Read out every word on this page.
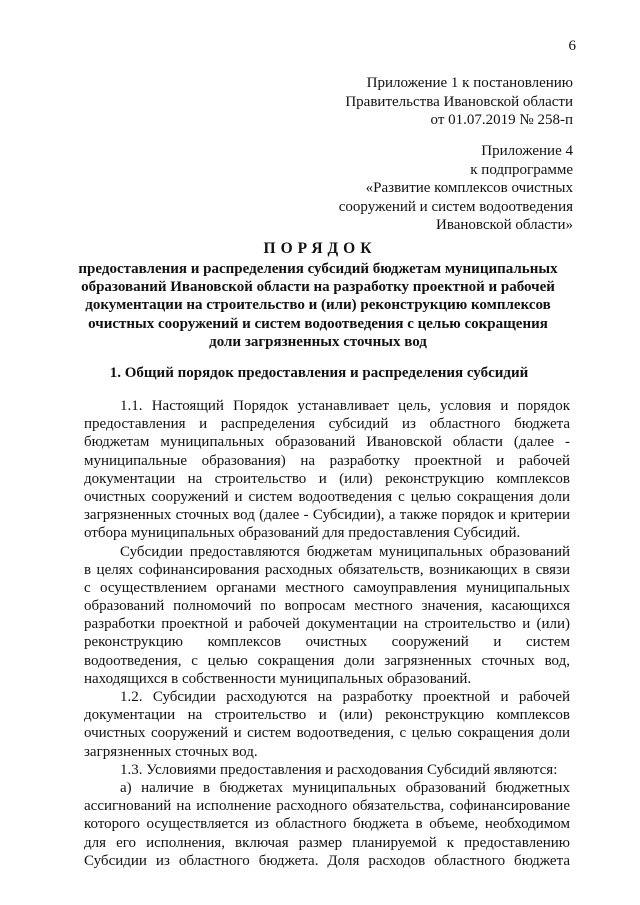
6
Приложение 1 к постановлению
Правительства Ивановской области
от 01.07.2019 № 258-п
Приложение 4
к подпрограмме
«Развитие комплексов очистных
сооружений и систем водоотведения
Ивановской области»
ПОРЯДОК
предоставления и распределения субсидий бюджетам муниципальных
образований Ивановской области на разработку проектной и рабочей
документации на строительство и (или) реконструкцию комплексов
очистных сооружений и систем водоотведения с целью сокращения
доли загрязненных сточных вод
1. Общий порядок предоставления и распределения субсидий
1.1. Настоящий Порядок устанавливает цель, условия и порядок
предоставления и распределения субсидий из областного бюджета
бюджетам муниципальных образований Ивановской области (далее -
муниципальные образования) на разработку проектной и рабочей
документации на строительство и (или) реконструкцию комплексов
очистных сооружений и систем водоотведения с целью сокращения доли
загрязненных сточных вод (далее - Субсидии), а также порядок и критерии
отбора муниципальных образований для предоставления Субсидий.
Субсидии предоставляются бюджетам муниципальных образований
в целях софинансирования расходных обязательств, возникающих в связи
с осуществлением органами местного самоуправления муниципальных
образований полномочий по вопросам местного значения, касающихся
разработки проектной и рабочей документации на строительство и (или)
реконструкцию комплексов очистных сооружений и систем
водоотведения, с целью сокращения доли загрязненных сточных вод,
находящихся в собственности муниципальных образований.
1.2. Субсидии расходуются на разработку проектной и рабочей
документации на строительство и (или) реконструкцию комплексов
очистных сооружений и систем водоотведения, с целью сокращения доли
загрязненных сточных вод.
1.3. Условиями предоставления и расходования Субсидий являются:
а) наличие в бюджетах муниципальных образований бюджетных
ассигнований на исполнение расходного обязательства, софинансирование
которого осуществляется из областного бюджета в объеме, необходимом
для его исполнения, включая размер планируемой к предоставлению
Субсидии из областного бюджета. Доля расходов областного бюджета
